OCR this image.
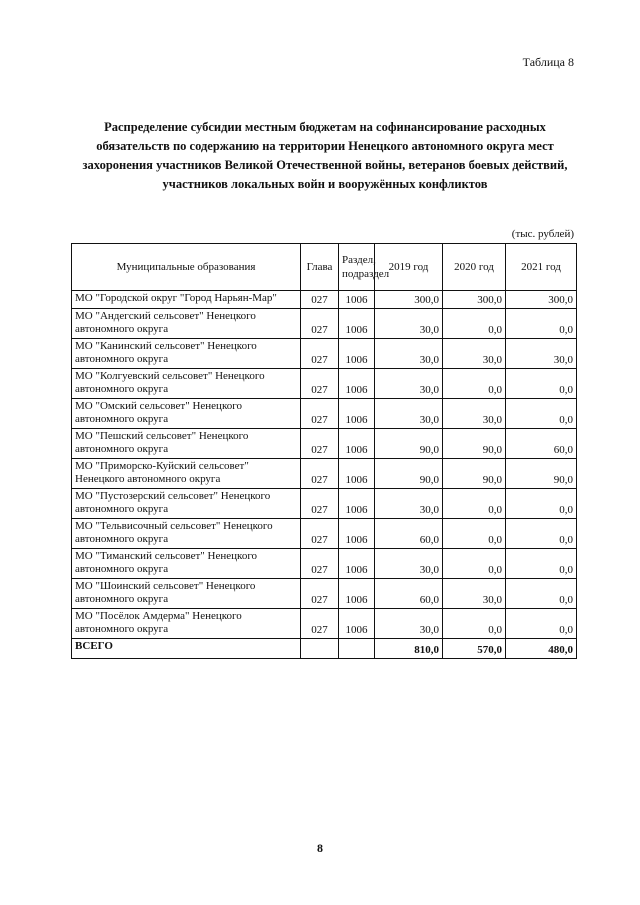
Таблица 8
Распределение субсидии местным бюджетам на софинансирование расходных обязательств по содержанию на территории Ненецкого автономного округа мест захоронения участников Великой Отечественной войны, ветеранов боевых действий, участников локальных войн и вооружённых конфликтов
(тыс. рублей)
Муниципальные образования	Глава	Раздел, подраздел	2019 год	2020 год	2021 год
МО "Городской округ "Город Нарьян-Мар"	027	1006	300,0	300,0	300,0
МО "Андегский сельсовет" Ненецкого автономного округа	027	1006	30,0	0,0	0,0
МО "Канинский сельсовет" Ненецкого автономного округа	027	1006	30,0	30,0	30,0
МО "Колгуевский сельсовет" Ненецкого автономного округа	027	1006	30,0	0,0	0,0
МО "Омский сельсовет" Ненецкого автономного округа	027	1006	30,0	30,0	0,0
МО "Пешский сельсовет" Ненецкого автономного округа	027	1006	90,0	90,0	60,0
МО "Приморско-Куйский сельсовет" Ненецкого автономного округа	027	1006	90,0	90,0	90,0
МО "Пустозерский сельсовет" Ненецкого автономного округа	027	1006	30,0	0,0	0,0
МО "Тельвисочный сельсовет" Ненецкого автономного округа	027	1006	60,0	0,0	0,0
МО "Тиманский сельсовет" Ненецкого автономного округа	027	1006	30,0	0,0	0,0
МО "Шоинский сельсовет" Ненецкого автономного округа	027	1006	60,0	30,0	0,0
МО "Посёлок Амдерма" Ненецкого автономного округа	027	1006	30,0	0,0	0,0
ВСЕГО			810,0	570,0	480,0
8
